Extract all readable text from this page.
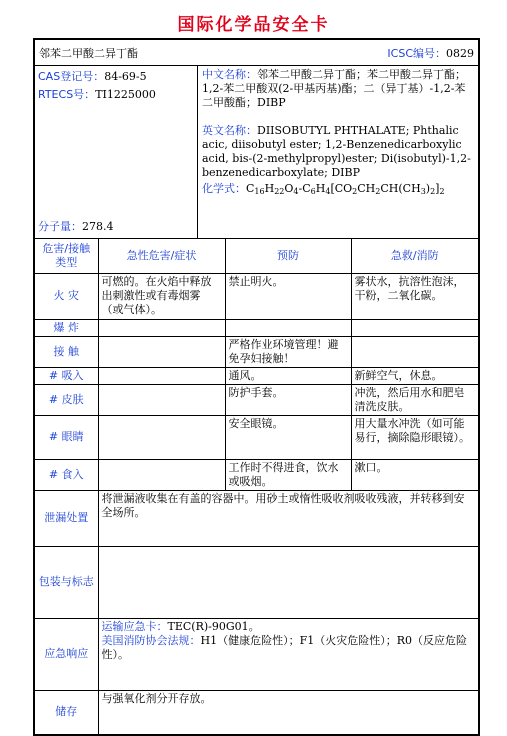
国际化学品安全卡
邻苯二甲酸二异丁酯	ICSC编号：0829
CAS登记号：84-69-5
RTECS号：TI1225000
分子量：278.4

中文名称：邻苯二甲酸二异丁酯；苯二甲酸二异丁酯；1,2-苯二甲酸双(2-甲基丙基)酯；二（异丁基）-1,2-苯二甲酸酯；DIBP

英文名称：DIISOBUTYL PHTHALATE; Phthalic acic, diisobutyl ester; 1,2-Benzenedicarboxylic acid, bis-(2-methylpropyl)ester; Di(isobutyl)-1,2-benzenedicarboxylate; DIBP

化学式：$C_{16}H_{22}O_4-C_6H_4[CO_2CH_2CH(CH_3)_2]_2$

危害/接触类型	急性危害/症状	预防	急救/消防
火 灾	可燃的。在火焰中释放出刺激性或有毒烟雾（或气体）。	禁止明火。	雾状水，抗溶性泡沫，干粉，二氧化碳。
爆 炸			
接 触		严格作业环境管理！避免孕妇接触！	
# 吸入		通风。	新鲜空气，休息。
# 皮肤		防护手套。	冲洗，然后用水和肥皂清洗皮肤。
# 眼睛		安全眼镜。	用大量水冲洗（如可能易行，摘除隐形眼镜）。
# 食入		工作时不得进食，饮水或吸烟。	漱口。
泄漏处置	将泄漏液收集在有盖的容器中。用砂土或惰性吸收剂吸收残液，并转移到安全场所。		
包装与标志			
应急响应	运输应急卡：TEC(R)-90G01。
美国消防协会法规：H1（健康危险性）；F1（火灾危险性）；R0（反应危险性）。		

储存	与强氧化剂分开存放。		
